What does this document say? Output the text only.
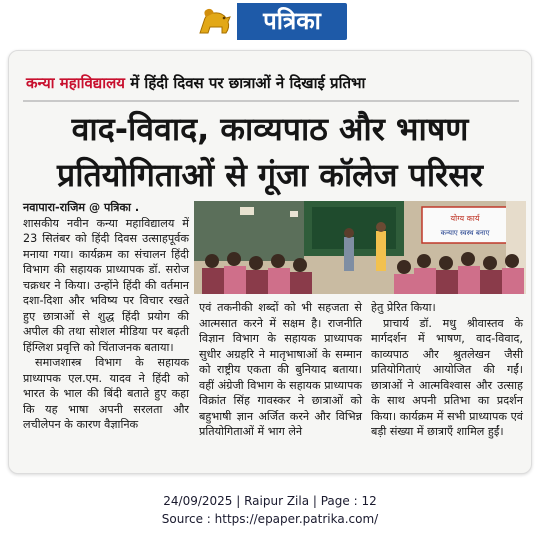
पत्रिका
कन्या महाविद्यालय में हिंदी दिवस पर छात्राओं ने दिखाई प्रतिभा
वाद-विवाद, काव्यपाठ और भाषण
प्रतियोगिताओं से गूंजा कॉलेज परिसर

नवापारा-राजिम @ पत्रिका .

शासकीय नवीन कन्या महाविद्यालय में 23 सितंबर को हिंदी दिवस उत्साहपूर्वक मनाया गया। कार्यक्रम का संचालन हिंदी विभाग की सहायक प्राध्यापक डॉ. सरोज चक्रधर ने किया। उन्होंने हिंदी की वर्तमान दशा-दिशा और भविष्य पर विचार रखते हुए छात्राओं से शुद्ध हिंदी प्रयोग की अपील की तथा सोशल मीडिया पर बढ़ती हिंग्लिश प्रवृत्ति को चिंताजनक बताया।

समाजशास्त्र विभाग के सहायक प्राध्यापक एल.एम. यादव ने हिंदी को भारत के भाल की बिंदी बताते हुए कहा कि यह भाषा अपनी सरलता और लचीलेपन के कारण वैज्ञानिक

योग्य कार्य
कन्याए स्वस्थ बनाए

एवं तकनीकी शब्दों को भी सहजता से आत्मसात करने में सक्षम है। राजनीति विज्ञान विभाग के सहायक प्राध्यापक सुधीर अग्रहरि ने मातृभाषाओं के सम्मान को राष्ट्रीय एकता की बुनियाद बताया। वहीं अंग्रेजी विभाग के सहायक प्राध्यापक विक्रांत सिंह गावस्कर ने छात्राओं को बहुभाषी ज्ञान अर्जित करने और विभिन्न प्रतियोगिताओं में भाग लेने

हेतु प्रेरित किया।

प्राचार्य डॉ. मधु श्रीवास्तव के मार्गदर्शन में भाषण, वाद-विवाद, काव्यपाठ और श्रुतलेखन जैसी प्रतियोगिताएं आयोजित की गईं। छात्राओं ने आत्मविश्वास और उत्साह के साथ अपनी प्रतिभा का प्रदर्शन किया। कार्यक्रम में सभी प्राध्यापक एवं बड़ी संख्या में छात्राएँ शामिल हुईं।

24/09/2025 | Raipur Zila | Page : 12
Source : https://epaper.patrika.com/
